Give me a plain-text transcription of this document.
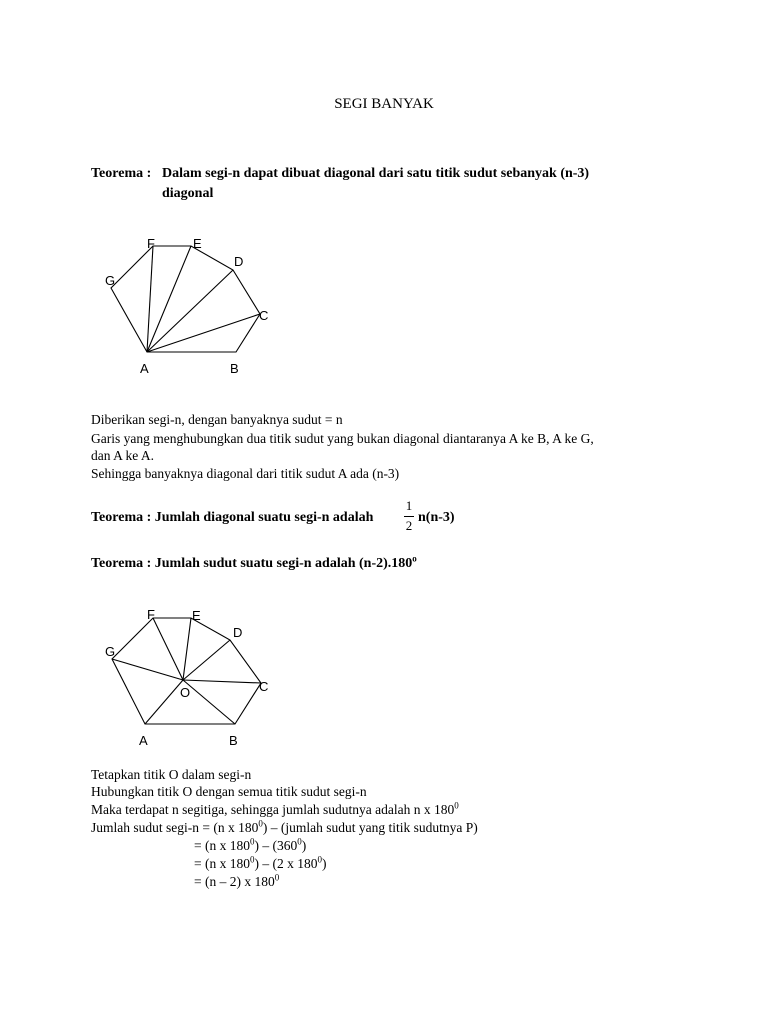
SEGI BANYAK
Teorema : Dalam segi-n dapat dibuat diagonal dari satu titik sudut sebanyak (n-3)
diagonal
A	B
C
D
E
F
G
Diberikan segi-n, dengan banyaknya sudut = n
Garis yang menghubungkan dua titik sudut yang bukan diagonal diantaranya A ke B, A ke G,
dan A ke A.
Sehingga banyaknya diagonal dari titik sudut A ada (n-3)
Teorema : Jumlah diagonal suatu segi-n adalah
1
2
n(n-3)
Teorema : Jumlah sudut suatu segi-n adalah (n-2).180$^o$
A	B
C
D
E
F
G
O
Tetapkan titik O dalam segi-n
Hubungkan titik O dengan semua titik sudut segi-n
Maka terdapat n segitiga, sehingga jumlah sudutnya adalah n x $180^0$
Jumlah sudut segi-n = (n x $180^0$) – (jumlah sudut yang titik sudutnya P)
= (n x $180^0) - (360^0)$
= (n x $180^0) - (2$ x $180^0$)
= (n – 2) x $180^0$
